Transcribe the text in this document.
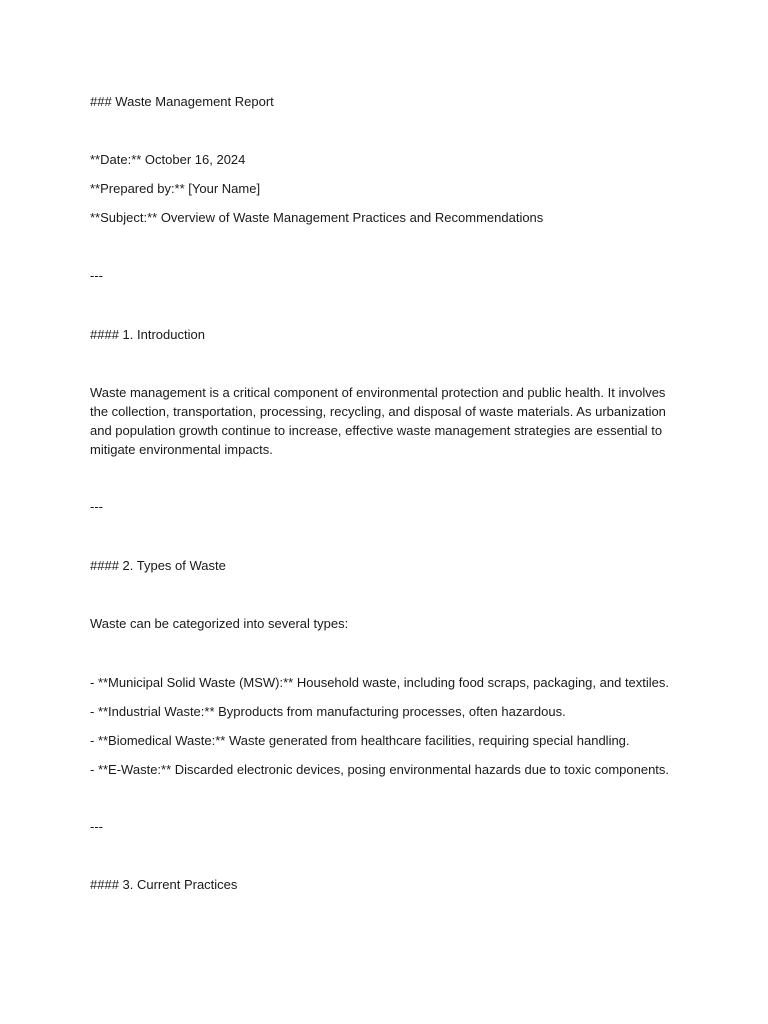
### Waste Management Report
**Date:** October 16, 2024
**Prepared by:** [Your Name]
**Subject:** Overview of Waste Management Practices and Recommendations
---
#### 1. Introduction
Waste management is a critical component of environmental protection and public health. It involves the collection, transportation, processing, recycling, and disposal of waste materials. As urbanization and population growth continue to increase, effective waste management strategies are essential to mitigate environmental impacts.
---
#### 2. Types of Waste
Waste can be categorized into several types:
- **Municipal Solid Waste (MSW):** Household waste, including food scraps, packaging, and textiles.
- **Industrial Waste:** Byproducts from manufacturing processes, often hazardous.
- **Biomedical Waste:** Waste generated from healthcare facilities, requiring special handling.
- **E-Waste:** Discarded electronic devices, posing environmental hazards due to toxic components.
---
#### 3. Current Practices
